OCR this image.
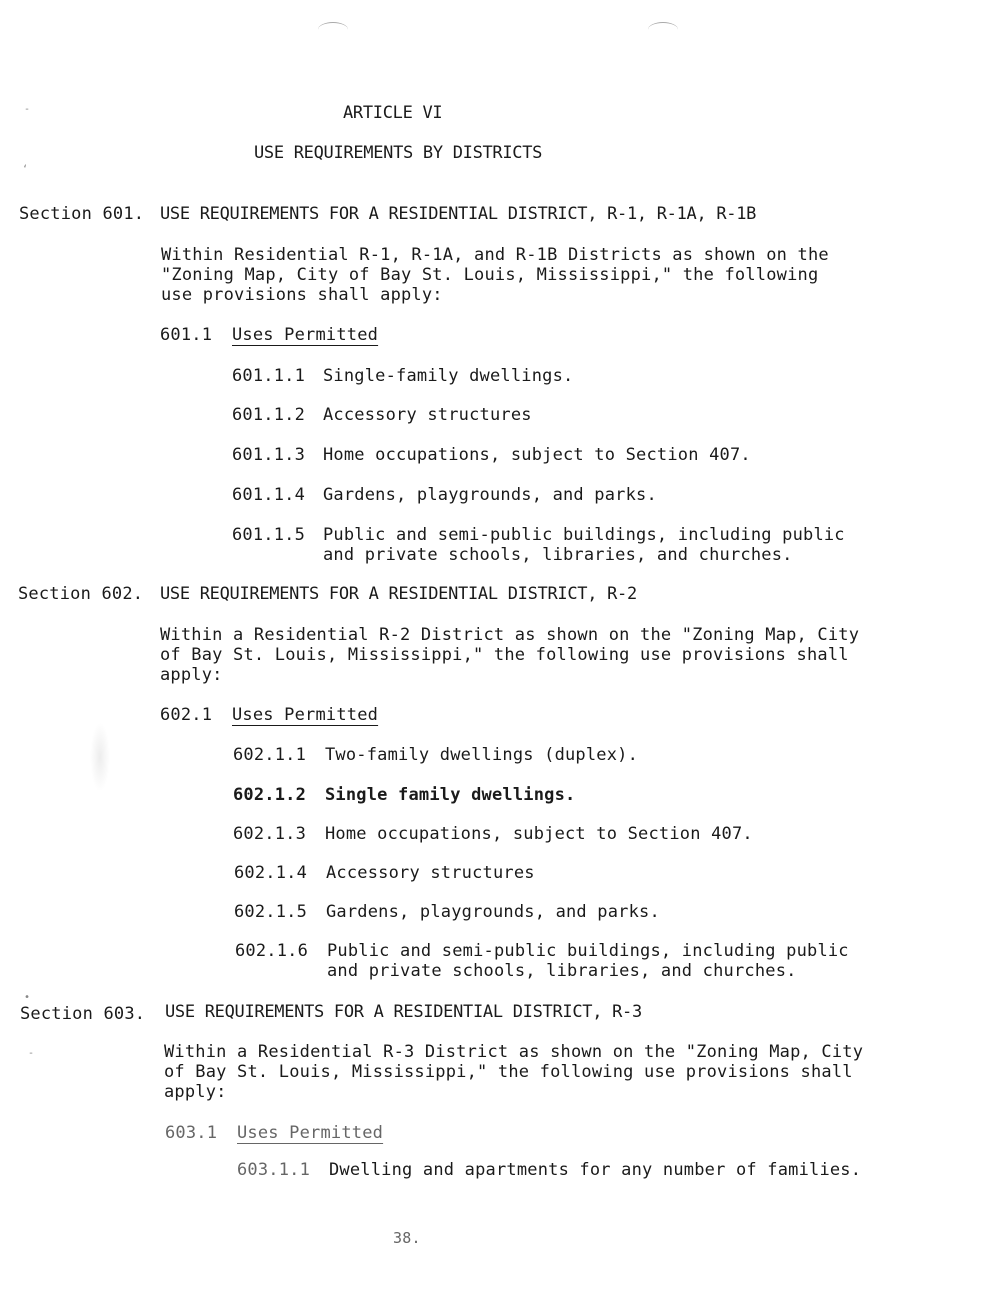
-
‘
-
•
ARTICLE VI
USE REQUIREMENTS BY DISTRICTS
Section 601. USE REQUIREMENTS FOR A RESIDENTIAL DISTRICT, R-1, R-1A, R-1B
Within Residential R-1, R-1A, and R-1B Districts as shown on the
"Zoning Map, City of Bay St. Louis, Mississippi," the following
use provisions shall apply:
601.1 Uses Permitted
601.1.1 Single-family dwellings.
601.1.2 Accessory structures
601.1.3 Home occupations, subject to Section 407.
601.1.4 Gardens, playgrounds, and parks.
601.1.5 Public and semi-public buildings, including public
and private schools, libraries, and churches.
Section 602. USE REQUIREMENTS FOR A RESIDENTIAL DISTRICT, R-2
Within a Residential R-2 District as shown on the "Zoning Map, City
of Bay St. Louis, Mississippi," the following use provisions shall
apply:
602.1 Uses Permitted
602.1.1 Two-family dwellings (duplex).
602.1.2 Single family dwellings.
602.1.3 Home occupations, subject to Section 407.
602.1.4 Accessory structures
602.1.5 Gardens, playgrounds, and parks.
602.1.6 Public and semi-public buildings, including public
and private schools, libraries, and churches.
Section 603. USE REQUIREMENTS FOR A RESIDENTIAL DISTRICT, R-3
Within a Residential R-3 District as shown on the "Zoning Map, City
of Bay St. Louis, Mississippi," the following use provisions shall
apply:
603.1 Uses Permitted
603.1.1 Dwelling and apartments for any number of families.
38.
